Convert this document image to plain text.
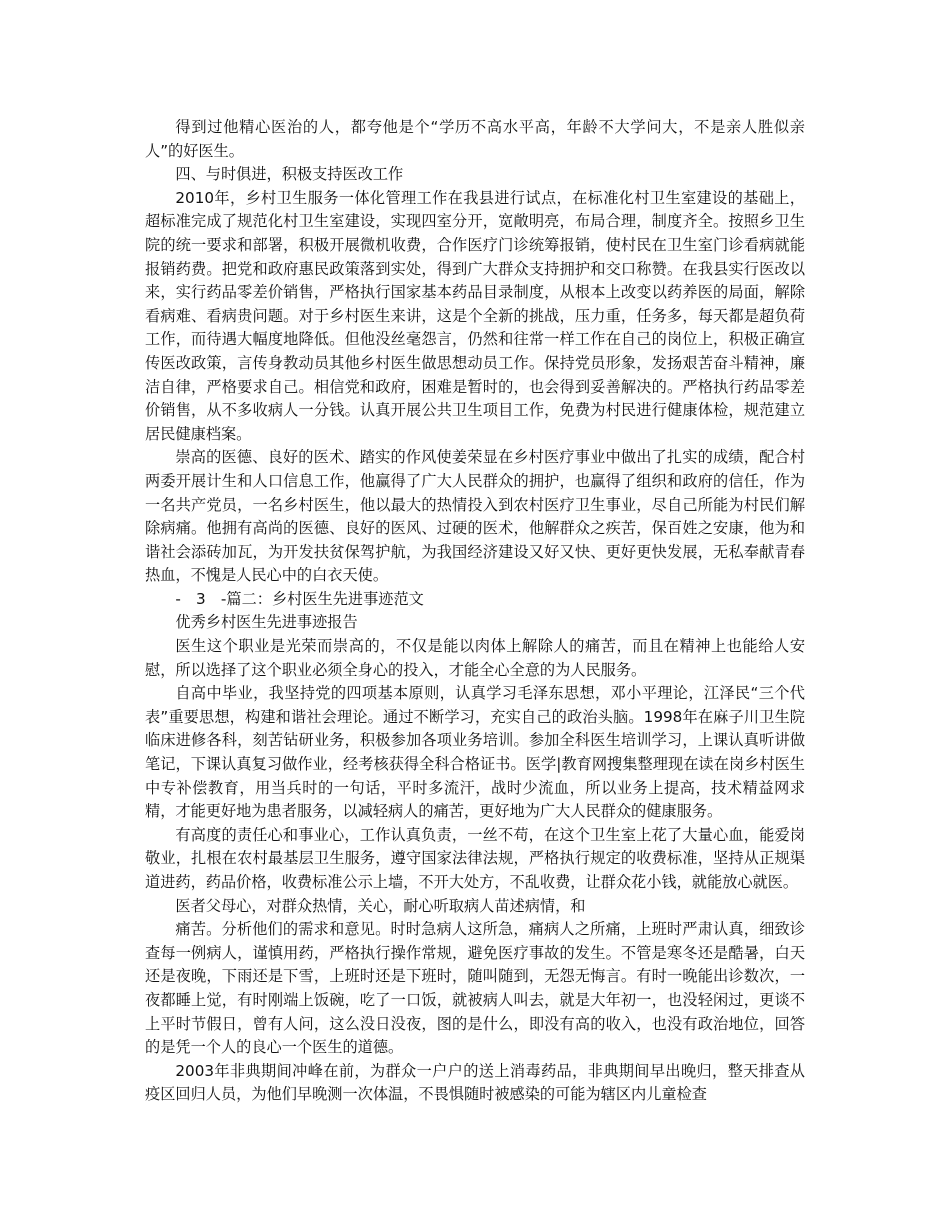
得到过他精心医治的人，都夸他是个“学历不高水平高，年龄不大学问大，不是亲人胜似亲人”的好医生。

四、与时俱进，积极支持医改工作

2010年，乡村卫生服务一体化管理工作在我县进行试点，在标准化村卫生室建设的基础上，超标准完成了规范化村卫生室建设，实现四室分开，宽敞明亮，布局合理，制度齐全。按照乡卫生院的统一要求和部署，积极开展微机收费，合作医疗门诊统筹报销，使村民在卫生室门诊看病就能报销药费。把党和政府惠民政策落到实处，得到广大群众支持拥护和交口称赞。在我县实行医改以来，实行药品零差价销售，严格执行国家基本药品目录制度，从根本上改变以药养医的局面，解除看病难、看病贵问题。对于乡村医生来讲，这是个全新的挑战，压力重，任务多，每天都是超负荷工作，而待遇大幅度地降低。但他没丝毫怨言，仍然和往常一样工作在自己的岗位上，积极正确宣传医改政策，言传身教动员其他乡村医生做思想动员工作。保持党员形象，发扬艰苦奋斗精神，廉洁自律，严格要求自己。相信党和政府，困难是暂时的，也会得到妥善解决的。严格执行药品零差价销售，从不多收病人一分钱。认真开展公共卫生项目工作，免费为村民进行健康体检，规范建立居民健康档案。

崇高的医德、良好的医术、踏实的作风使姜荣显在乡村医疗事业中做出了扎实的成绩，配合村两委开展计生和人口信息工作，他赢得了广大人民群众的拥护，也赢得了组织和政府的信任，作为一名共产党员，一名乡村医生，他以最大的热情投入到农村医疗卫生事业，尽自己所能为村民们解除病痛。他拥有高尚的医德、良好的医风、过硬的医术，他解群众之疾苦，保百姓之安康，他为和谐社会添砖加瓦，为开发扶贫保驾护航，为我国经济建设又好又快、更好更快发展，无私奉献青春热血，不愧是人民心中的白衣天使。

-　3　-篇二：乡村医生先进事迹范文

优秀乡村医生先进事迹报告

医生这个职业是光荣而崇高的，不仅是能以肉体上解除人的痛苦，而且在精神上也能给人安慰，所以选择了这个职业必须全身心的投入，才能全心全意的为人民服务。

自高中毕业，我坚持党的四项基本原则，认真学习毛泽东思想，邓小平理论，江泽民“三个代表”重要思想，构建和谐社会理论。通过不断学习，充实自己的政治头脑。1998年在麻子川卫生院临床进修各科，刻苦钻研业务，积极参加各项业务培训。参加全科医生培训学习，上课认真听讲做笔记，下课认真复习做作业，经考核获得全科合格证书。医学|教育网搜集整理现在读在岗乡村医生中专补偿教育，用当兵时的一句话，平时多流汗，战时少流血，所以业务上提高，技术精益网求精，才能更好地为患者服务，以减轻病人的痛苦，更好地为广大人民群众的健康服务。

有高度的责任心和事业心，工作认真负责，一丝不苟，在这个卫生室上花了大量心血，能爱岗敬业，扎根在农村最基层卫生服务，遵守国家法律法规，严格执行规定的收费标准，坚持从正规渠道进药，药品价格，收费标准公示上墙，不开大处方，不乱收费，让群众花小钱，就能放心就医。

医者父母心，对群众热情，关心，耐心听取病人苗述病情，和

痛苦。分析他们的需求和意见。时时急病人这所急，痛病人之所痛，上班时严肃认真，细致诊查每一例病人，谨慎用药，严格执行操作常规，避免医疗事故的发生。不管是寒冬还是酷暑，白天还是夜晚，下雨还是下雪，上班时还是下班时，随叫随到，无怨无悔言。有时一晚能出诊数次，一夜都睡上觉，有时刚端上饭碗，吃了一口饭，就被病人叫去，就是大年初一，也没轻闲过，更谈不上平时节假日，曾有人问，这么没日没夜，图的是什么，即没有高的收入，也没有政治地位，回答的是凭一个人的良心一个医生的道德。

2003年非典期间冲峰在前，为群众一户户的送上消毒药品，非典期间早出晚归，整天排查从疫区回归人员，为他们早晚测一次体温，不畏惧随时被感染的可能为辖区内儿童检查
